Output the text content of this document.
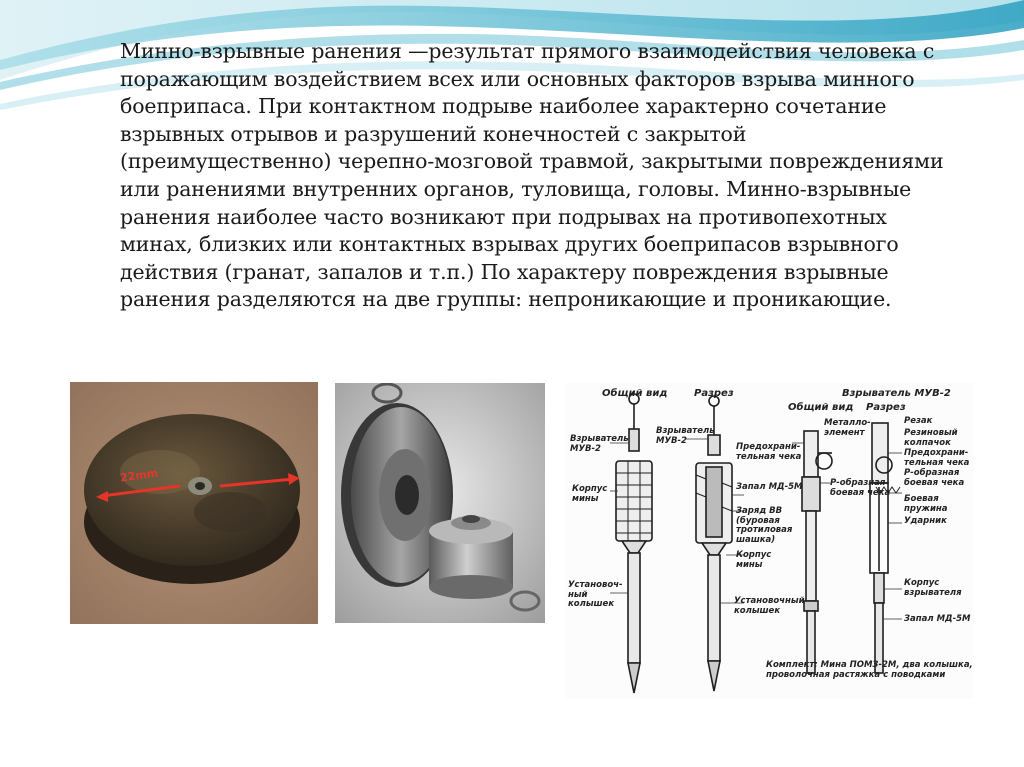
Минно-взрывные ранения —результат прямого взаимодействия человека с поражающим воздействием всех или основных факторов взрыва минного боеприпаса. При контактном подрыве наиболее характерно сочетание взрывных отрывов и разрушений конечностей с закрытой (преимущественно) черепно-мозговой травмой, закрытыми повреждениями или ранениями внутренних органов, туловища, головы. Минно-взрывные ранения наиболее часто возникают при подрывах на противопехотных минах, близких или контактных взрывах других боеприпасов взрывного действия (гранат, запалов и т.п.) По характеру повреждения взрывные ранения разделяются на две группы: непроникающие и проникающие.

22mm
Общий вид	Разрез	Взрыватель МУВ-2
Общий вид Разрез
Взрыватель
МУВ-2
Корпус
мины
Установоч-
ный
колышек
Взрыватель
МУВ-2
Запал МД-5М
Заряд ВВ
(буровая
тротиловая
шашка)
Корпус
мины
Установочный
колышек
Предохрани-
тельная чека
Металло-
элемент
Р-образная
боевая чека
Резак
Резиновый
колпачок
Предохрани-
тельная чека
Р-образная
боевая чека
Боевая
пружина
Ударник
Корпус
взрывателя
Запал МД-5М
Комплект: Мина ПОМЗ-2М, два колышка,
проволочная растяжка с поводками
